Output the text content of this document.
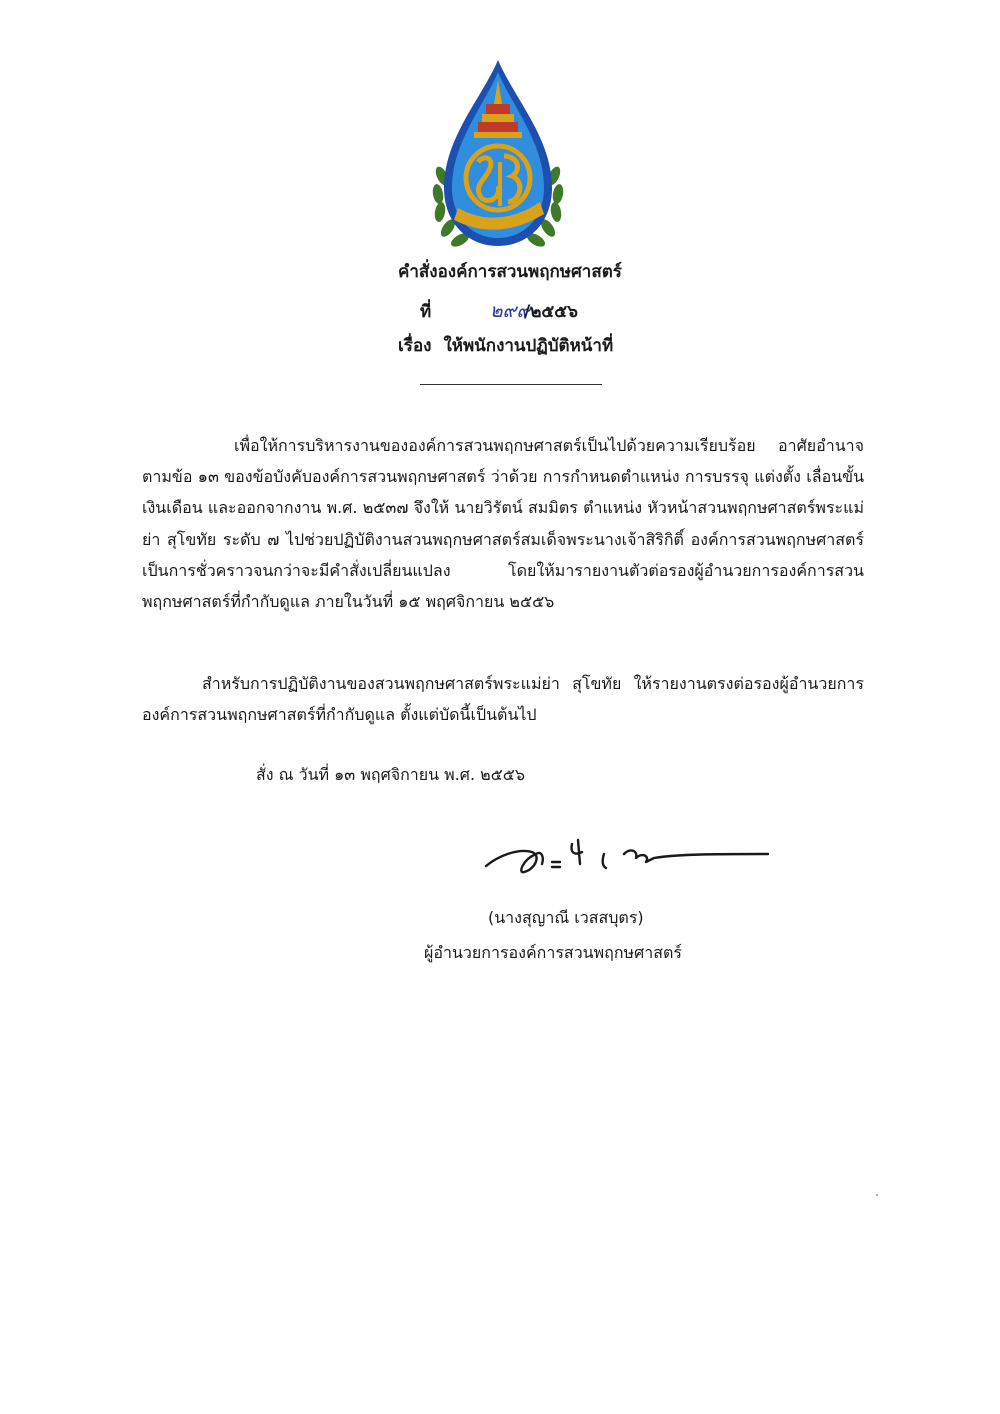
คำสั่งองค์การสวนพฤกษศาสตร์
ที่	๒๙๙/๒๕๕๖
เรื่อง ให้พนักงานปฏิบัติหน้าที่
เพื่อให้การบริหารงานขององค์การสวนพฤกษศาสตร์เป็นไปด้วยความเรียบร้อย อาศัยอำนาจตามข้อ ๑๓ ของข้อบังคับองค์การสวนพฤกษศาสตร์ ว่าด้วย การกำหนดตำแหน่ง การบรรจุ แต่งตั้ง เลื่อนขั้นเงินเดือน และออกจากงาน พ.ศ. ๒๕๓๗ จึงให้ นายวิรัตน์ สมมิตร ตำแหน่ง หัวหน้าสวนพฤกษศาสตร์พระแม่ย่า สุโขทัย ระดับ ๗ ไปช่วยปฏิบัติงานสวนพฤกษศาสตร์สมเด็จพระนางเจ้าสิริกิติ์ องค์การสวนพฤกษศาสตร์ เป็นการชั่วคราวจนกว่าจะมีคำสั่งเปลี่ยนแปลง โดยให้มารายงานตัวต่อรองผู้อำนวยการองค์การสวนพฤกษศาสตร์ที่กำกับดูแล ภายในวันที่ ๑๕ พฤศจิกายน ๒๕๕๖
สำหรับการปฏิบัติงานของสวนพฤกษศาสตร์พระแม่ย่า สุโขทัย ให้รายงานตรงต่อรองผู้อำนวยการองค์การสวนพฤกษศาสตร์ที่กำกับดูแล ตั้งแต่บัดนี้เป็นต้นไป
สั่ง ณ วันที่ ๑๓ พฤศจิกายน พ.ศ. ๒๕๕๖
(นางสุญาณี เวสสบุตร)
ผู้อำนวยการองค์การสวนพฤกษศาสตร์
